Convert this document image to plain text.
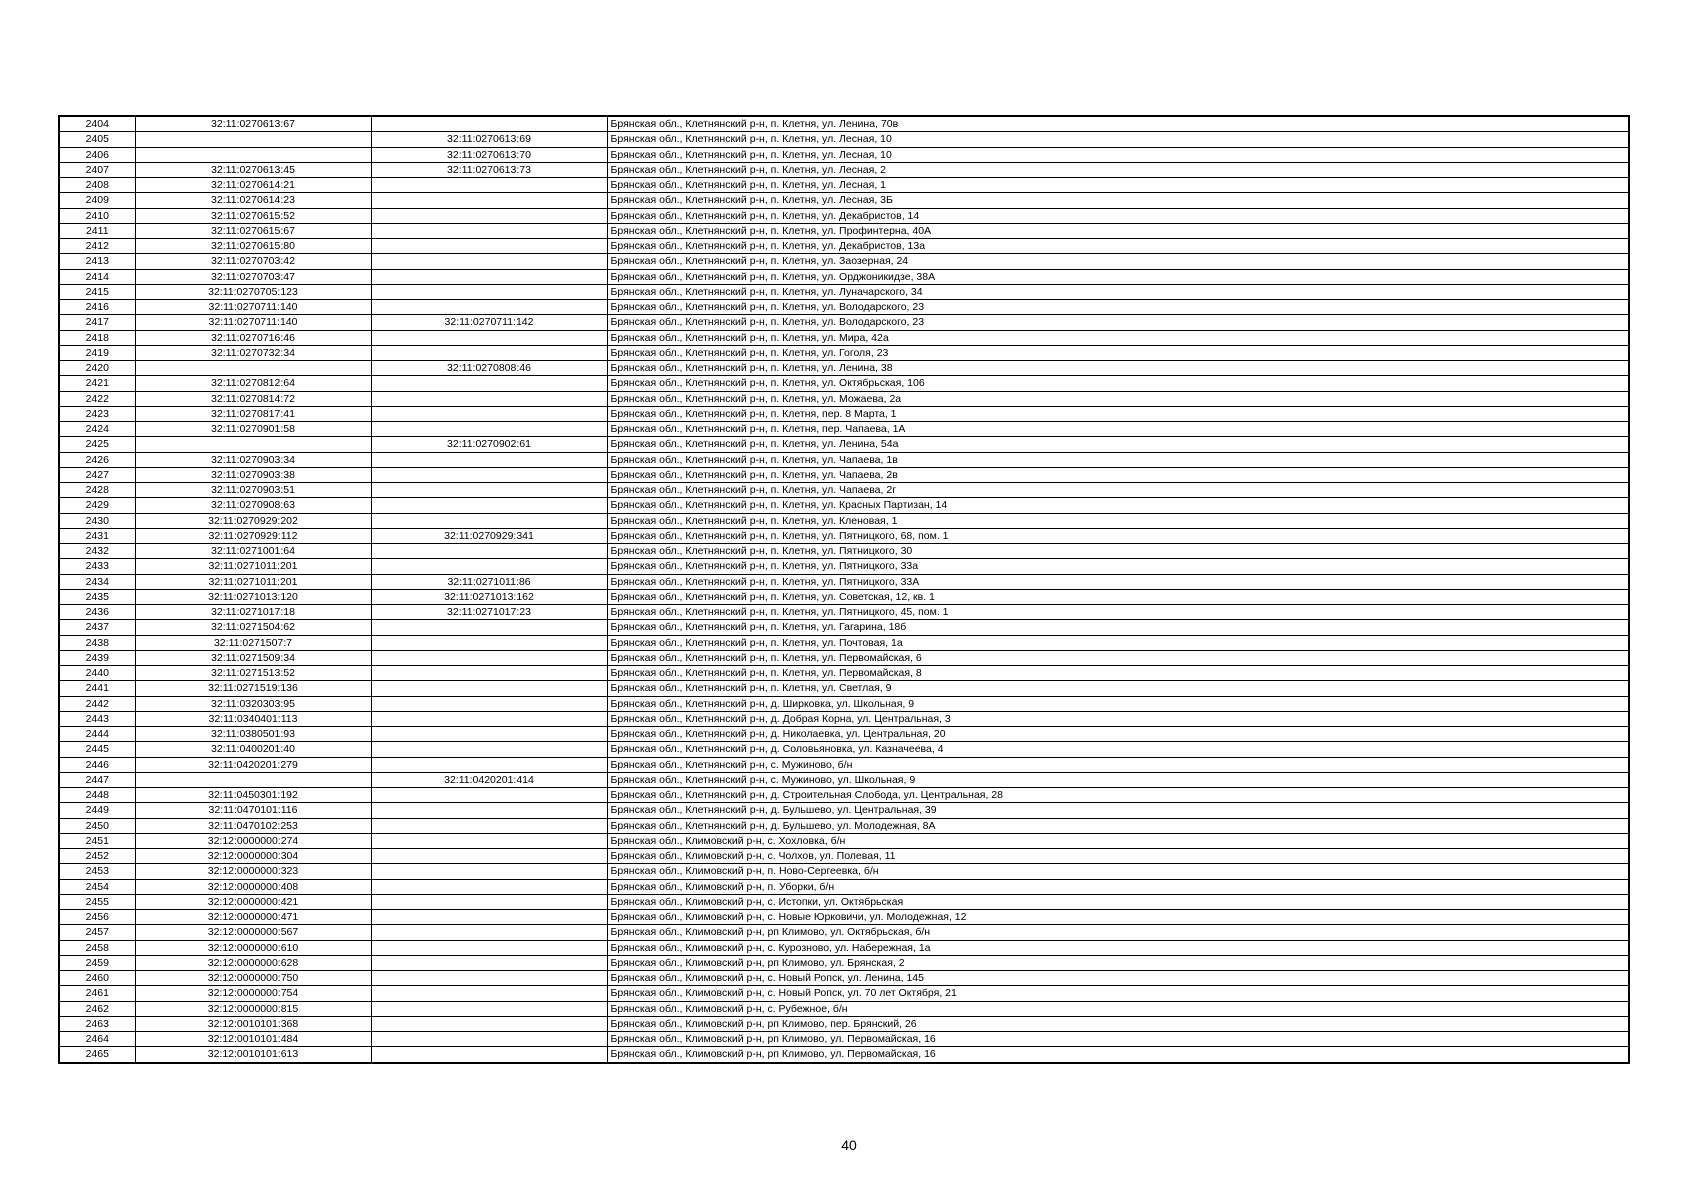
2404	32:11:0270613:67		Брянская обл., Клетнянский р-н, п. Клетня, ул. Ленина, 70в
2405		32:11:0270613:69	Брянская обл., Клетнянский р-н, п. Клетня, ул. Лесная, 10
2406		32:11:0270613:70	Брянская обл., Клетнянский р-н, п. Клетня, ул. Лесная, 10
2407	32:11:0270613:45	32:11:0270613:73	Брянская обл., Клетнянский р-н, п. Клетня, ул. Лесная, 2
2408	32:11:0270614:21		Брянская обл., Клетнянский р-н, п. Клетня, ул. Лесная, 1
2409	32:11:0270614:23		Брянская обл., Клетнянский р-н, п. Клетня, ул. Лесная, 3Б
2410	32:11:0270615:52		Брянская обл., Клетнянский р-н, п. Клетня, ул. Декабристов, 14
2411	32:11:0270615:67		Брянская обл., Клетнянский р-н, п. Клетня, ул. Профинтерна, 40А
2412	32:11:0270615:80		Брянская обл., Клетнянский р-н, п. Клетня, ул. Декабристов, 13а
2413	32:11:0270703:42		Брянская обл., Клетнянский р-н, п. Клетня, ул. Заозерная, 24
2414	32:11:0270703:47		Брянская обл., Клетнянский р-н, п. Клетня, ул. Орджоникидзе, 38А
2415	32:11:0270705:123		Брянская обл., Клетнянский р-н, п. Клетня, ул. Луначарского, 34
2416	32:11:0270711:140		Брянская обл., Клетнянский р-н, п. Клетня, ул. Володарского, 23
2417	32:11:0270711:140	32:11:0270711:142	Брянская обл., Клетнянский р-н, п. Клетня, ул. Володарского, 23
2418	32:11:0270716:46		Брянская обл., Клетнянский р-н, п. Клетня, ул. Мира, 42а
2419	32:11:0270732:34		Брянская обл., Клетнянский р-н, п. Клетня, ул. Гоголя, 23
2420		32:11:0270808:46	Брянская обл., Клетнянский р-н, п. Клетня, ул. Ленина, 38
2421	32:11:0270812:64		Брянская обл., Клетнянский р-н, п. Клетня, ул. Октябрьская, 106
2422	32:11:0270814:72		Брянская обл., Клетнянский р-н, п. Клетня, ул. Можаева, 2а
2423	32:11:0270817:41		Брянская обл., Клетнянский р-н, п. Клетня, пер. 8 Марта, 1
2424	32:11:0270901:58		Брянская обл., Клетнянский р-н, п. Клетня, пер. Чапаева, 1А
2425		32:11:0270902:61	Брянская обл., Клетнянский р-н, п. Клетня, ул. Ленина, 54а
2426	32:11:0270903:34		Брянская обл., Клетнянский р-н, п. Клетня, ул. Чапаева, 1в
2427	32:11:0270903:38		Брянская обл., Клетнянский р-н, п. Клетня, ул. Чапаева, 2в
2428	32:11:0270903:51		Брянская обл., Клетнянский р-н, п. Клетня, ул. Чапаева, 2г
2429	32:11:0270908:63		Брянская обл., Клетнянский р-н, п. Клетня, ул. Красных Партизан, 14
2430	32:11:0270929:202		Брянская обл., Клетнянский р-н, п. Клетня, ул. Кленовая, 1
2431	32:11:0270929:112	32:11:0270929:341	Брянская обл., Клетнянский р-н, п. Клетня, ул. Пятницкого, 68, пом. 1
2432	32:11:0271001:64		Брянская обл., Клетнянский р-н, п. Клетня, ул. Пятницкого, 30
2433	32:11:0271011:201		Брянская обл., Клетнянский р-н, п. Клетня, ул. Пятницкого, 33а
2434	32:11:0271011:201	32:11:0271011:86	Брянская обл., Клетнянский р-н, п. Клетня, ул. Пятницкого, 33А
2435	32:11:0271013:120	32:11:0271013:162	Брянская обл., Клетнянский р-н, п. Клетня, ул. Советская, 12, кв. 1
2436	32:11:0271017:18	32:11:0271017:23	Брянская обл., Клетнянский р-н, п. Клетня, ул. Пятницкого, 45, пом. 1
2437	32:11:0271504:62		Брянская обл., Клетнянский р-н, п. Клетня, ул. Гагарина, 18б
2438	32:11:0271507:7		Брянская обл., Клетнянский р-н, п. Клетня, ул. Почтовая, 1а
2439	32:11:0271509:34		Брянская обл., Клетнянский р-н, п. Клетня, ул. Первомайская, 6
2440	32:11:0271513:52		Брянская обл., Клетнянский р-н, п. Клетня, ул. Первомайская, 8
2441	32:11:0271519:136		Брянская обл., Клетнянский р-н, п. Клетня, ул. Светлая, 9
2442	32:11:0320303:95		Брянская обл., Клетнянский р-н, д. Ширковка, ул. Школьная, 9
2443	32:11:0340401:113		Брянская обл., Клетнянский р-н, д. Добрая Корна, ул. Центральная, 3
2444	32:11:0380501:93		Брянская обл., Клетнянский р-н, д. Николаевка, ул. Центральная, 20
2445	32:11:0400201:40		Брянская обл., Клетнянский р-н, д. Соловьяновка, ул. Казначеева, 4
2446	32:11:0420201:279		Брянская обл., Клетнянский р-н, с. Мужиново, б/н
2447		32:11:0420201:414	Брянская обл., Клетнянский р-н, с. Мужиново, ул. Школьная, 9
2448	32:11:0450301:192		Брянская обл., Клетнянский р-н, д. Строительная Слобода, ул. Центральная, 28
2449	32:11:0470101:116		Брянская обл., Клетнянский р-н, д. Бульшево, ул. Центральная, 39
2450	32:11:0470102:253		Брянская обл., Клетнянский р-н, д. Бульшево, ул. Молодежная, 8А
2451	32:12:0000000:274		Брянская обл., Климовский р-н, с. Хохловка, б/н
2452	32:12:0000000:304		Брянская обл., Климовский р-н, с. Чолхов, ул. Полевая, 11
2453	32:12:0000000:323		Брянская обл., Климовский р-н, п. Ново-Сергеевка, б/н
2454	32:12:0000000:408		Брянская обл., Климовский р-н, п. Уборки, б/н
2455	32:12:0000000:421		Брянская обл., Климовский р-н, с. Истопки, ул. Октябрьская
2456	32:12:0000000:471		Брянская обл., Климовский р-н, с. Новые Юрковичи, ул. Молодежная, 12
2457	32:12:0000000:567		Брянская обл., Климовский р-н, рп Климово, ул. Октябрьская, б/н
2458	32:12:0000000:610		Брянская обл., Климовский р-н, с. Курозново, ул. Набережная, 1а
2459	32:12:0000000:628		Брянская обл., Климовский р-н, рп Климово, ул. Брянская, 2
2460	32:12:0000000:750		Брянская обл., Климовский р-н, с. Новый Ропск, ул. Ленина, 145
2461	32:12:0000000:754		Брянская обл., Климовский р-н, с. Новый Ропск, ул. 70 лет Октября, 21
2462	32:12:0000000:815		Брянская обл., Климовский р-н, с. Рубежное, б/н
2463	32:12:0010101:368		Брянская обл., Климовский р-н, рп Климово, пер. Брянский, 26
2464	32:12:0010101:484		Брянская обл., Климовский р-н, рп Климово, ул. Первомайская, 16
2465	32:12:0010101:613		Брянская обл., Климовский р-н, рп Климово, ул. Первомайская, 16
40
